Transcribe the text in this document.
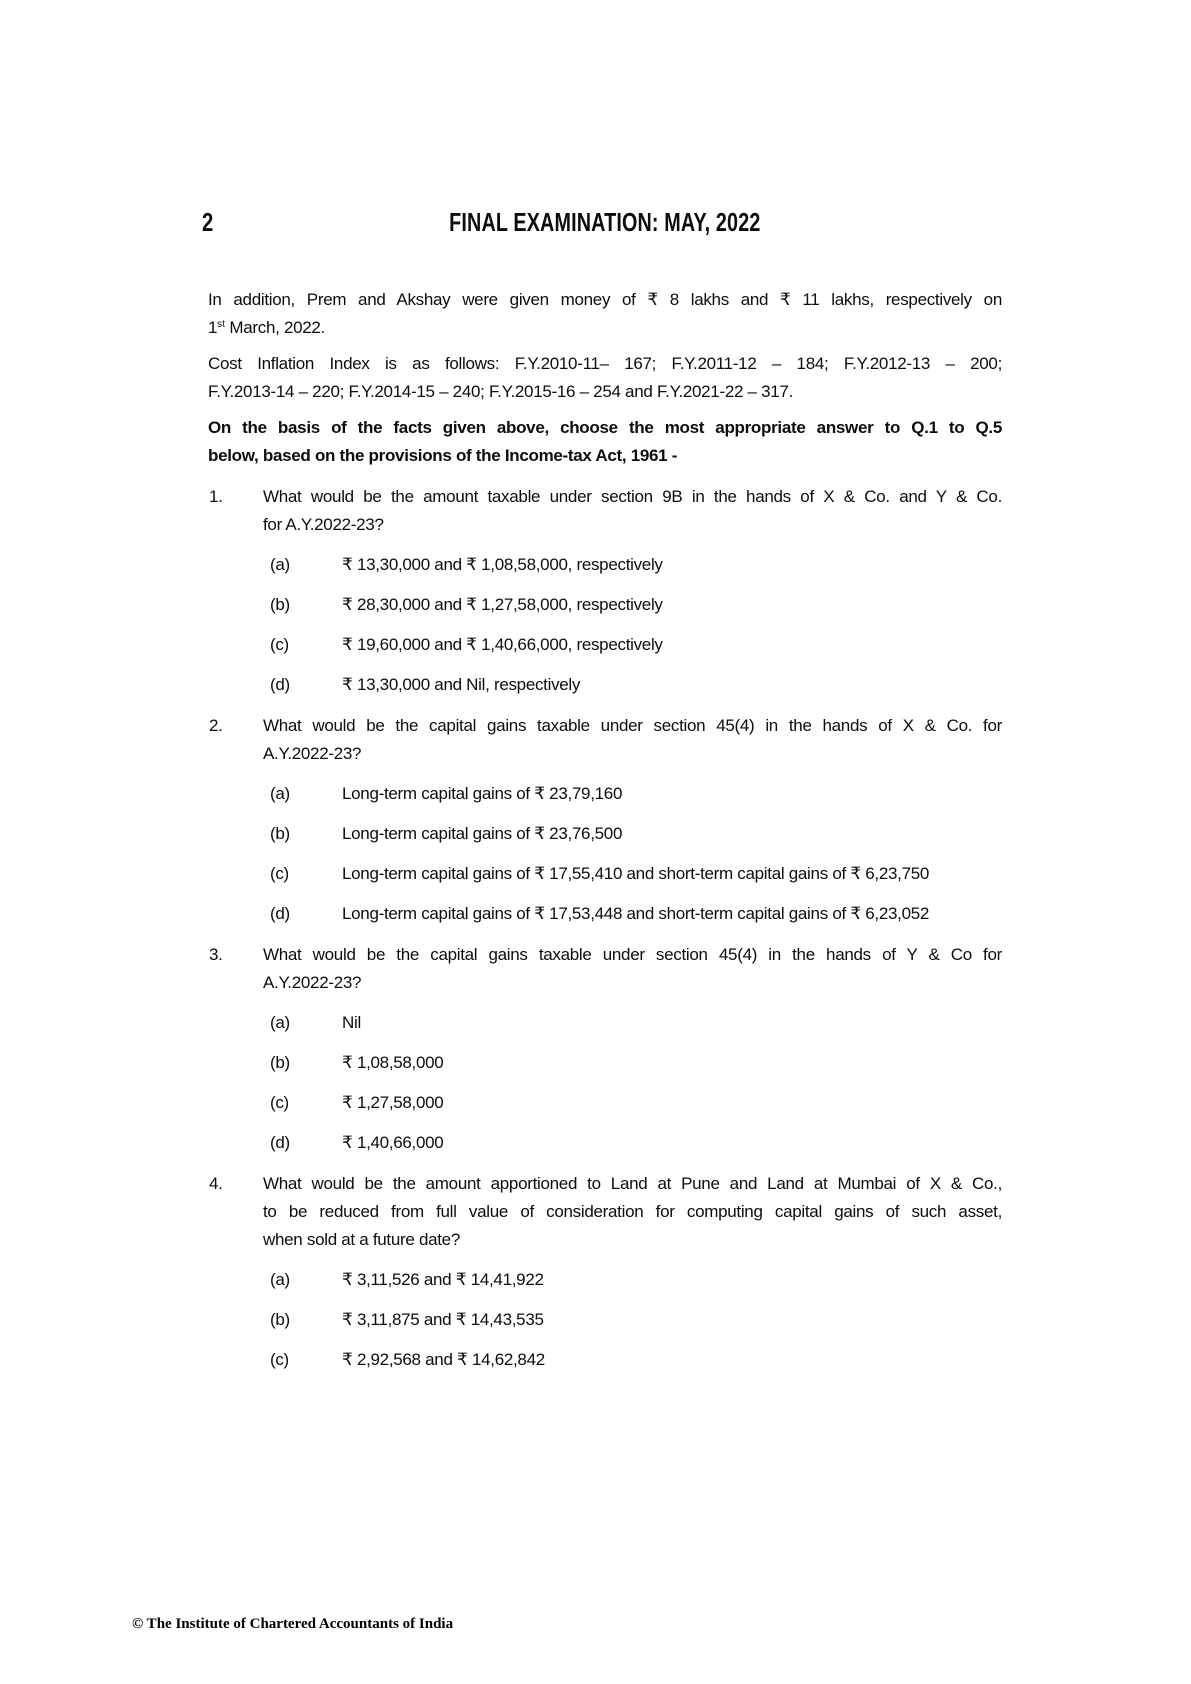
2	FINAL EXAMINATION: MAY, 2022
In addition, Prem and Akshay were given money of ₹ 8 lakhs and ₹ 11 lakhs, respectively on
1st March, 2022.
Cost Inflation Index is as follows: F.Y.2010-11– 167; F.Y.2011-12 – 184; F.Y.2012-13 – 200;
F.Y.2013-14 – 220; F.Y.2014-15 – 240; F.Y.2015-16 – 254 and F.Y.2021-22 – 317.
On the basis of the facts given above, choose the most appropriate answer to Q.1 to Q.5
below, based on the provisions of the Income-tax Act, 1961 -
1. What would be the amount taxable under section 9B in the hands of X & Co. and Y & Co.
for A.Y.2022-23?
(a)	₹ 13,30,000 and ₹ 1,08,58,000, respectively
(b)	₹ 28,30,000 and ₹ 1,27,58,000, respectively
(c)	₹ 19,60,000 and ₹ 1,40,66,000, respectively
(d)	₹ 13,30,000 and Nil, respectively
2. What would be the capital gains taxable under section 45(4) in the hands of X & Co. for
A.Y.2022-23?
(a)	Long-term capital gains of ₹ 23,79,160
(b)	Long-term capital gains of ₹ 23,76,500
(c)	Long-term capital gains of ₹ 17,55,410 and short-term capital gains of ₹ 6,23,750
(d)	Long-term capital gains of ₹ 17,53,448 and short-term capital gains of ₹ 6,23,052
3. What would be the capital gains taxable under section 45(4) in the hands of Y & Co for
A.Y.2022-23?
(a)	Nil
(b)	₹ 1,08,58,000
(c)	₹ 1,27,58,000
(d)	₹ 1,40,66,000
4. What would be the amount apportioned to Land at Pune and Land at Mumbai of X & Co.,
to be reduced from full value of consideration for computing capital gains of such asset,
when sold at a future date?
(a)	₹ 3,11,526 and ₹ 14,41,922
(b)	₹ 3,11,875 and ₹ 14,43,535
(c)	₹ 2,92,568 and ₹ 14,62,842
© The Institute of Chartered Accountants of India
